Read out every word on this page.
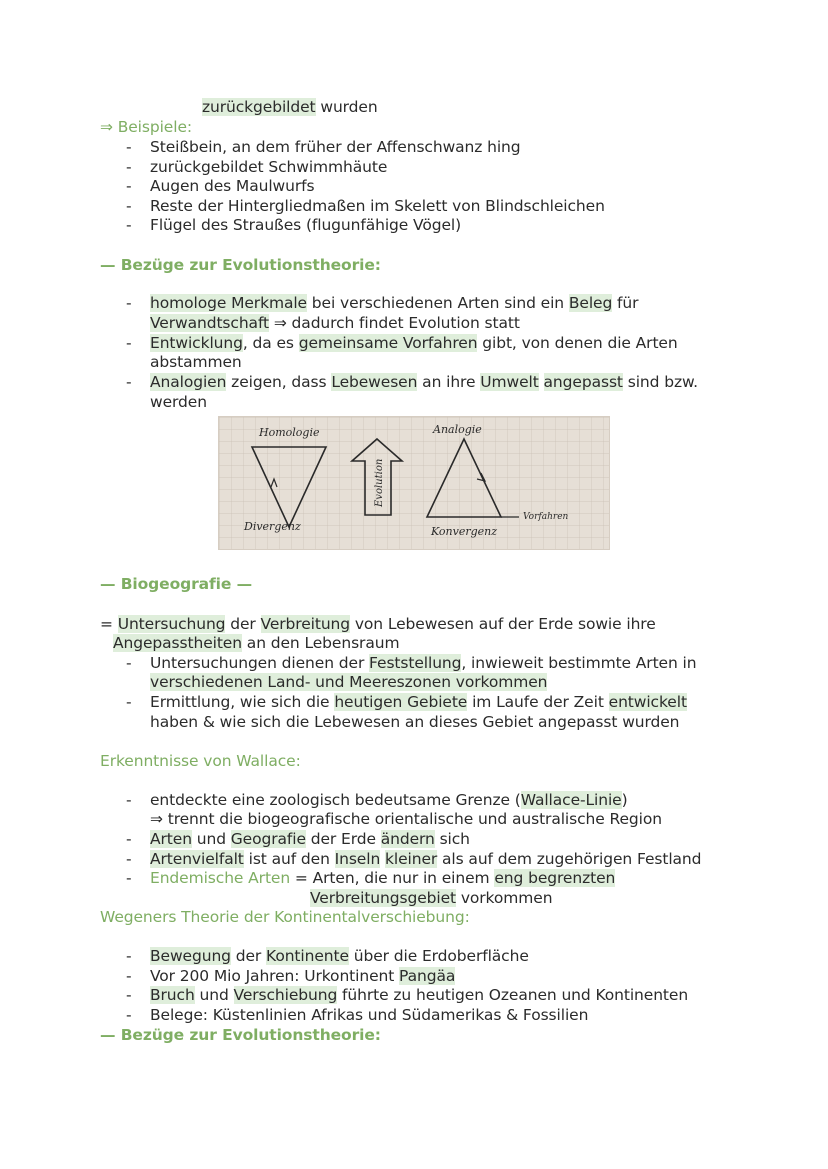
zurückgebildet wurden
⇒ Beispiele:
- Steißbein, an dem früher der Affenschwanz hing
- zurückgebildet Schwimmhäute
- Augen des Maulwurfs
- Reste der Hintergliedmaßen im Skelett von Blindschleichen
- Flügel des Straußes (flugunfähige Vögel)
— Bezüge zur Evolutionstheorie:
- homologe Merkmale bei verschiedenen Arten sind ein Beleg für
Verwandtschaft ⇒ dadurch findet Evolution statt
- Entwicklung, da es gemeinsame Vorfahren gibt, von denen die Arten
abstammen
- Analogien zeigen, dass Lebewesen an ihre Umwelt angepasst sind bzw.
werden
Homologie
Divergenz
Evolution
Analogie
Konvergenz
Vorfahren
— Biogeografie —
= Untersuchung der Verbreitung von Lebewesen auf der Erde sowie ihre
Angepasstheiten an den Lebensraum
- Untersuchungen dienen der Feststellung, inwieweit bestimmte Arten in
verschiedenen Land- und Meereszonen vorkommen
- Ermittlung, wie sich die heutigen Gebiete im Laufe der Zeit entwickelt
haben & wie sich die Lebewesen an dieses Gebiet angepasst wurden
Erkenntnisse von Wallace:
- entdeckte eine zoologisch bedeutsame Grenze (Wallace-Linie)
⇒ trennt die biogeografische orientalische und australische Region
- Arten und Geografie der Erde ändern sich
- Artenvielfalt ist auf den Inseln kleiner als auf dem zugehörigen Festland
- Endemische Arten = Arten, die nur in einem eng begrenzten
Verbreitungsgebiet vorkommen
Wegeners Theorie der Kontinentalverschiebung:
- Bewegung der Kontinente über die Erdoberfläche
- Vor 200 Mio Jahren: Urkontinent Pangäa
- Bruch und Verschiebung führte zu heutigen Ozeanen und Kontinenten
- Belege: Küstenlinien Afrikas und Südamerikas & Fossilien
— Bezüge zur Evolutionstheorie:
